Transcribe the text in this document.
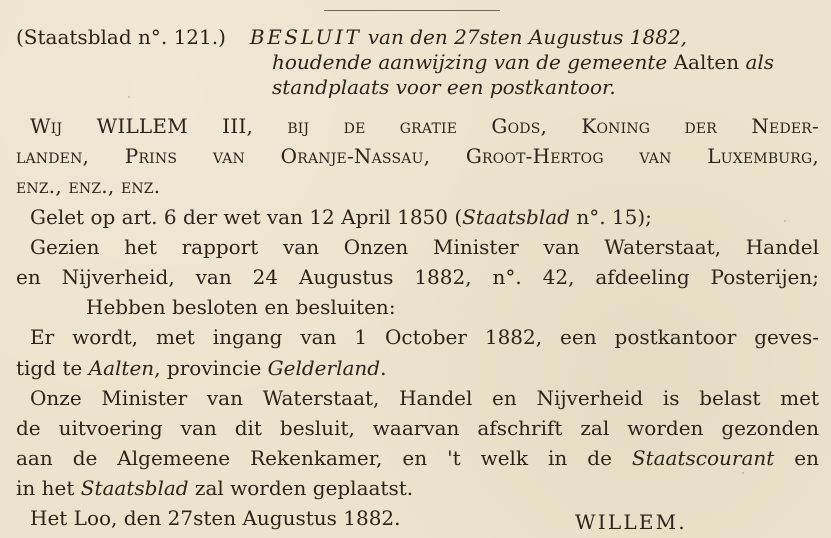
(Staatsblad n°. 121.) BESLUIT van den 27sten Augustus 1882,
houdende aanwijzing van de gemeente Aalten als
standplaats voor een postkantoor.
Wij WILLEM III, bij de gratie Gods, Koning der Neder-
landen, Prins van Oranje-Nassau, Groot-Hertog van Luxemburg,
enz., enz., enz.
Gelet op art. 6 der wet van 12 April 1850 (Staatsblad n°. 15);
Gezien het rapport van Onzen Minister van Waterstaat, Handel
en Nijverheid, van 24 Augustus 1882, n°. 42, afdeeling Posterijen;
Hebben besloten en besluiten:
Er wordt, met ingang van 1 October 1882, een postkantoor geves-
tigd te Aalten, provincie Gelderland.
Onze Minister van Waterstaat, Handel en Nijverheid is belast met
de uitvoering van dit besluit, waarvan afschrift zal worden gezonden
aan de Algemeene Rekenkamer, en 't welk in de Staatscourant en
in het Staatsblad zal worden geplaatst.
Het Loo, den 27sten Augustus 1882.	WILLEM.
